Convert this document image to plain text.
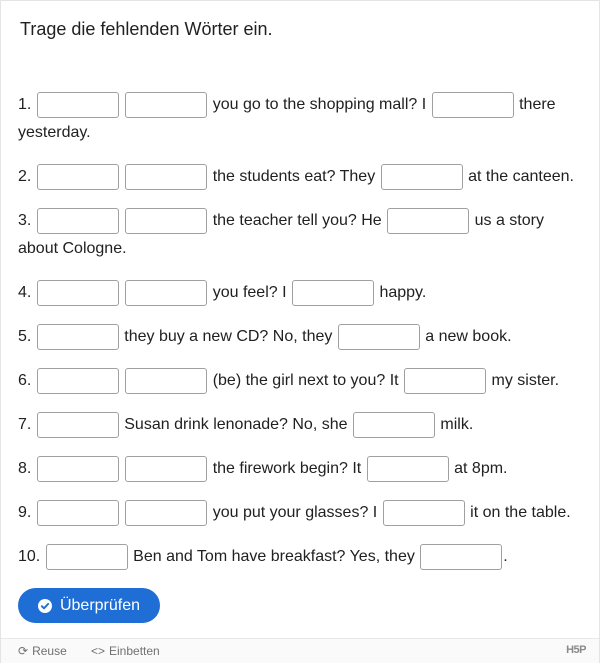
Trage die fehlenden Wörter ein.
1.	you go to the shopping mall? I	there yesterday.
2.	the students eat? They	at the canteen.
3.	the teacher tell you? He	us a story about Cologne.
4.	you feel? I	happy.
5.	they buy a new CD? No, they	a new book.
6.	(be) the girl next to you? It	my sister.
7.	Susan drink lenonade? No, she	milk.
8.	the firework begin? It	at 8pm.
9.	you put your glasses? I	it on the table.
10.	Ben and Tom have breakfast? Yes, they	.
Überprüfen
⟳ Reuse <> Einbetten	H5P
